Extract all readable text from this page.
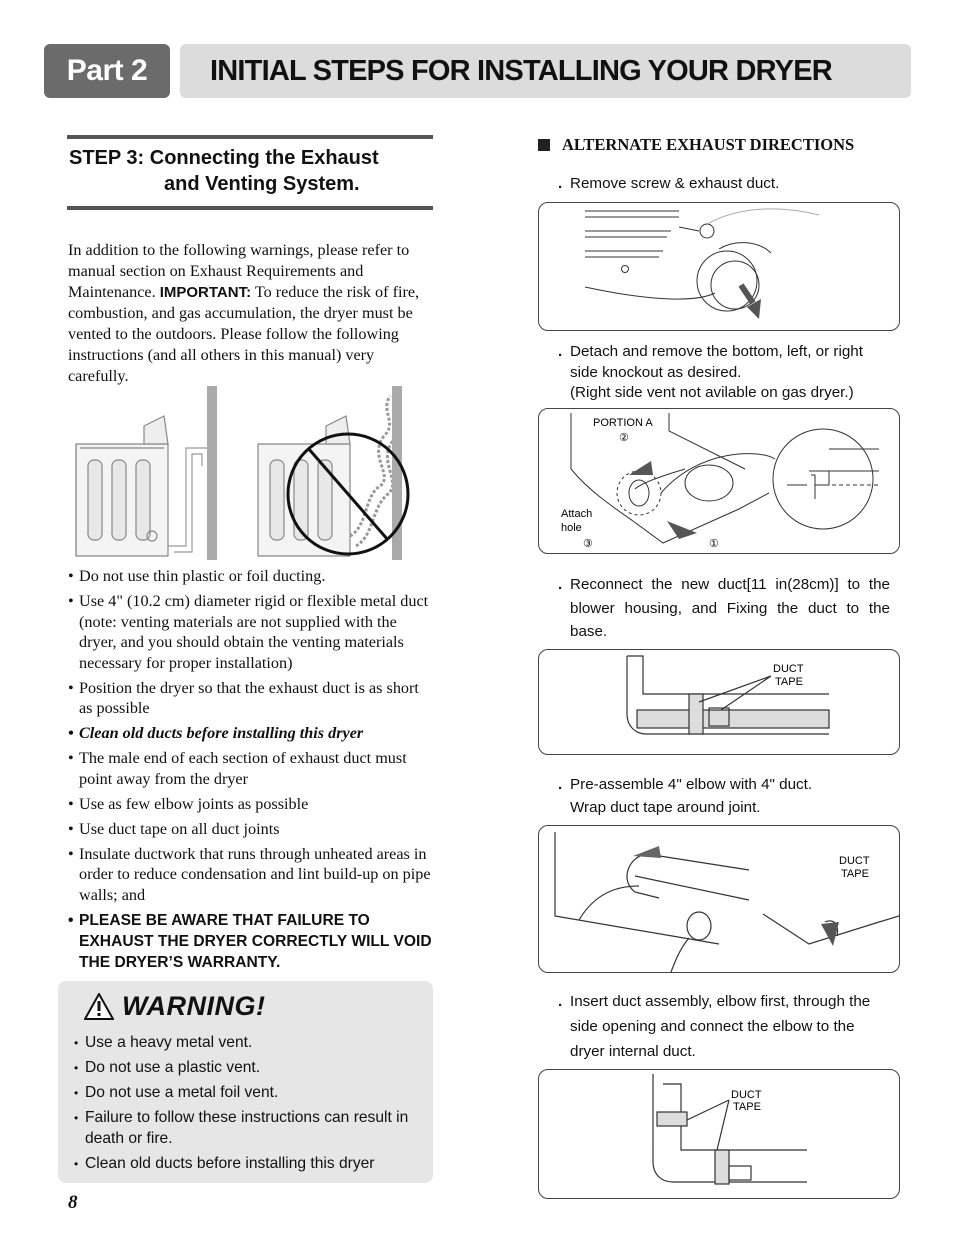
Part 2	INITIAL STEPS FOR INSTALLING YOUR DRYER
STEP 3: Connecting the Exhaust
and Venting System.

In addition to the following warnings, please refer to manual section on Exhaust Requirements and Maintenance. IMPORTANT: To reduce the risk of fire, combustion, and gas accumulation, the dryer must be vented to the outdoors. Please follow the following instructions (and all others in this manual) very carefully.

• Do not use thin plastic or foil ducting.
• Use 4" (10.2 cm) diameter rigid or flexible metal duct (note: venting materials are not supplied with the dryer, and you should obtain the venting materials necessary for proper installation)
• Position the dryer so that the exhaust duct is as short as possible
• Clean old ducts before installing this dryer
• The male end of each section of exhaust duct must point away from the dryer
• Use as few elbow joints as possible
• Use duct tape on all duct joints
• Insulate ductwork that runs through unheated areas in order to reduce condensation and lint build-up on pipe walls; and
• PLEASE BE AWARE THAT FAILURE TO EXHAUST THE DRYER CORRECTLY WILL VOID THE DRYER’S WARRANTY.
WARNING!
• Use a heavy metal vent.
• Do not use a plastic vent.
• Do not use a metal foil vent.
• Failure to follow these instructions can result in death or fire.
• Clean old ducts before installing this dryer
8
ALTERNATE EXHAUST DIRECTIONS
. Remove screw & exhaust duct.
. Detach and remove the bottom, left, or right
side knockout as desired.
(Right side vent not avilable on gas dryer.)
PORTION A
②
Attach
hole
③	①
. Reconnect the new duct[11 in(28cm)] to the blower housing, and Fixing the duct to the base.
DUCT
TAPE
. Pre-assemble 4" elbow with 4" duct.
Wrap duct tape around joint.
DUCT
TAPE
. Insert duct assembly, elbow first, through the side opening and connect the elbow to the dryer internal duct.
DUCT
TAPE
